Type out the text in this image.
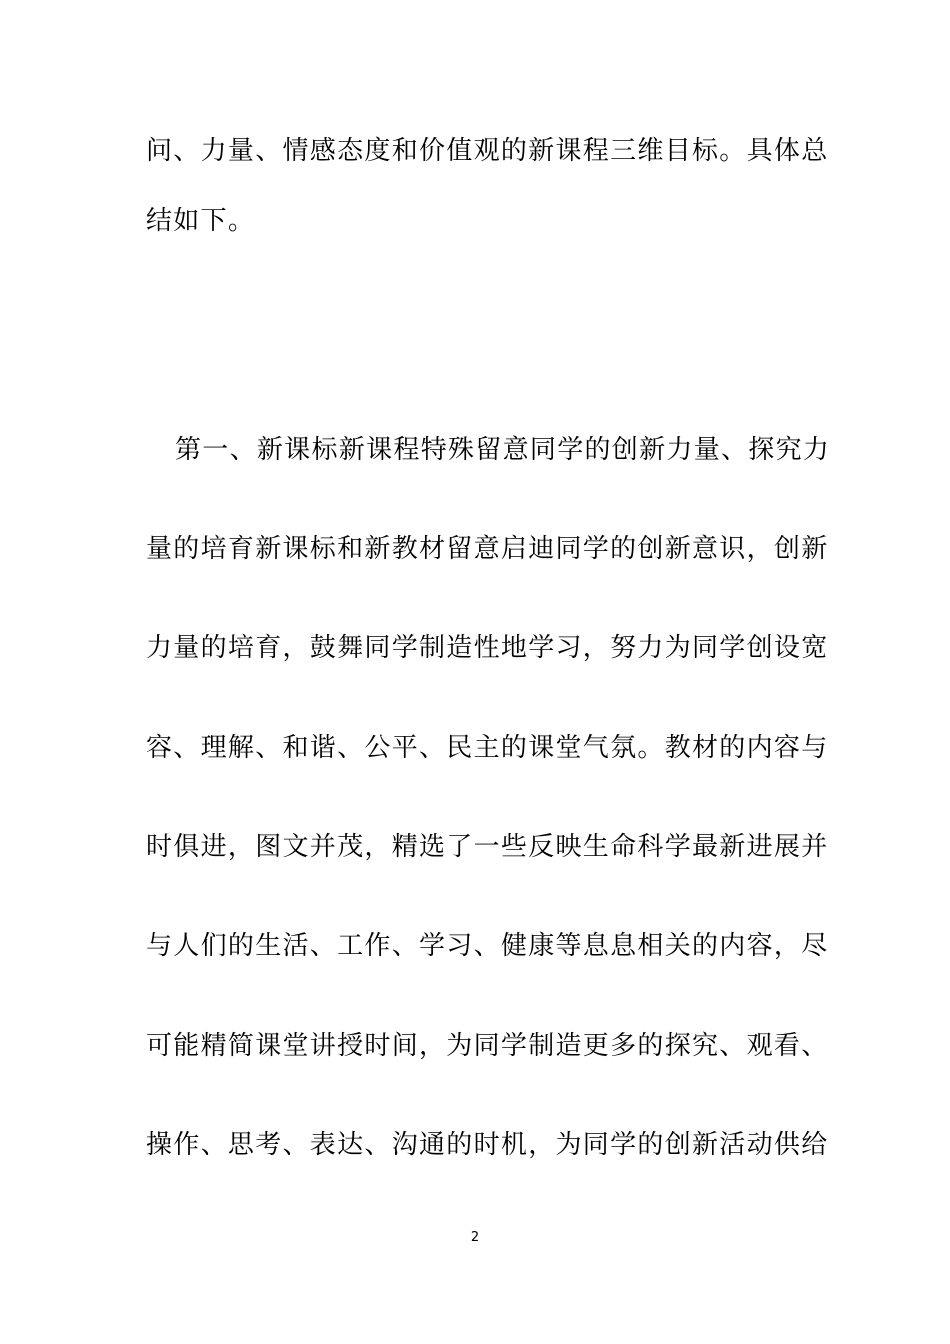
问、力量、情感态度和价值观的新课程三维目标。具体总
结如下。
第一、新课标新课程特殊留意同学的创新力量、探究力
量的培育新课标和新教材留意启迪同学的创新意识，创新
力量的培育，鼓舞同学制造性地学习，努力为同学创设宽
容、理解、和谐、公平、民主的课堂气氛。教材的内容与
时俱进，图文并茂，精选了一些反映生命科学最新进展并
与人们的生活、工作、学习、健康等息息相关的内容，尽
可能精简课堂讲授时间，为同学制造更多的探究、观看、
操作、思考、表达、沟通的时机，为同学的创新活动供给
2
